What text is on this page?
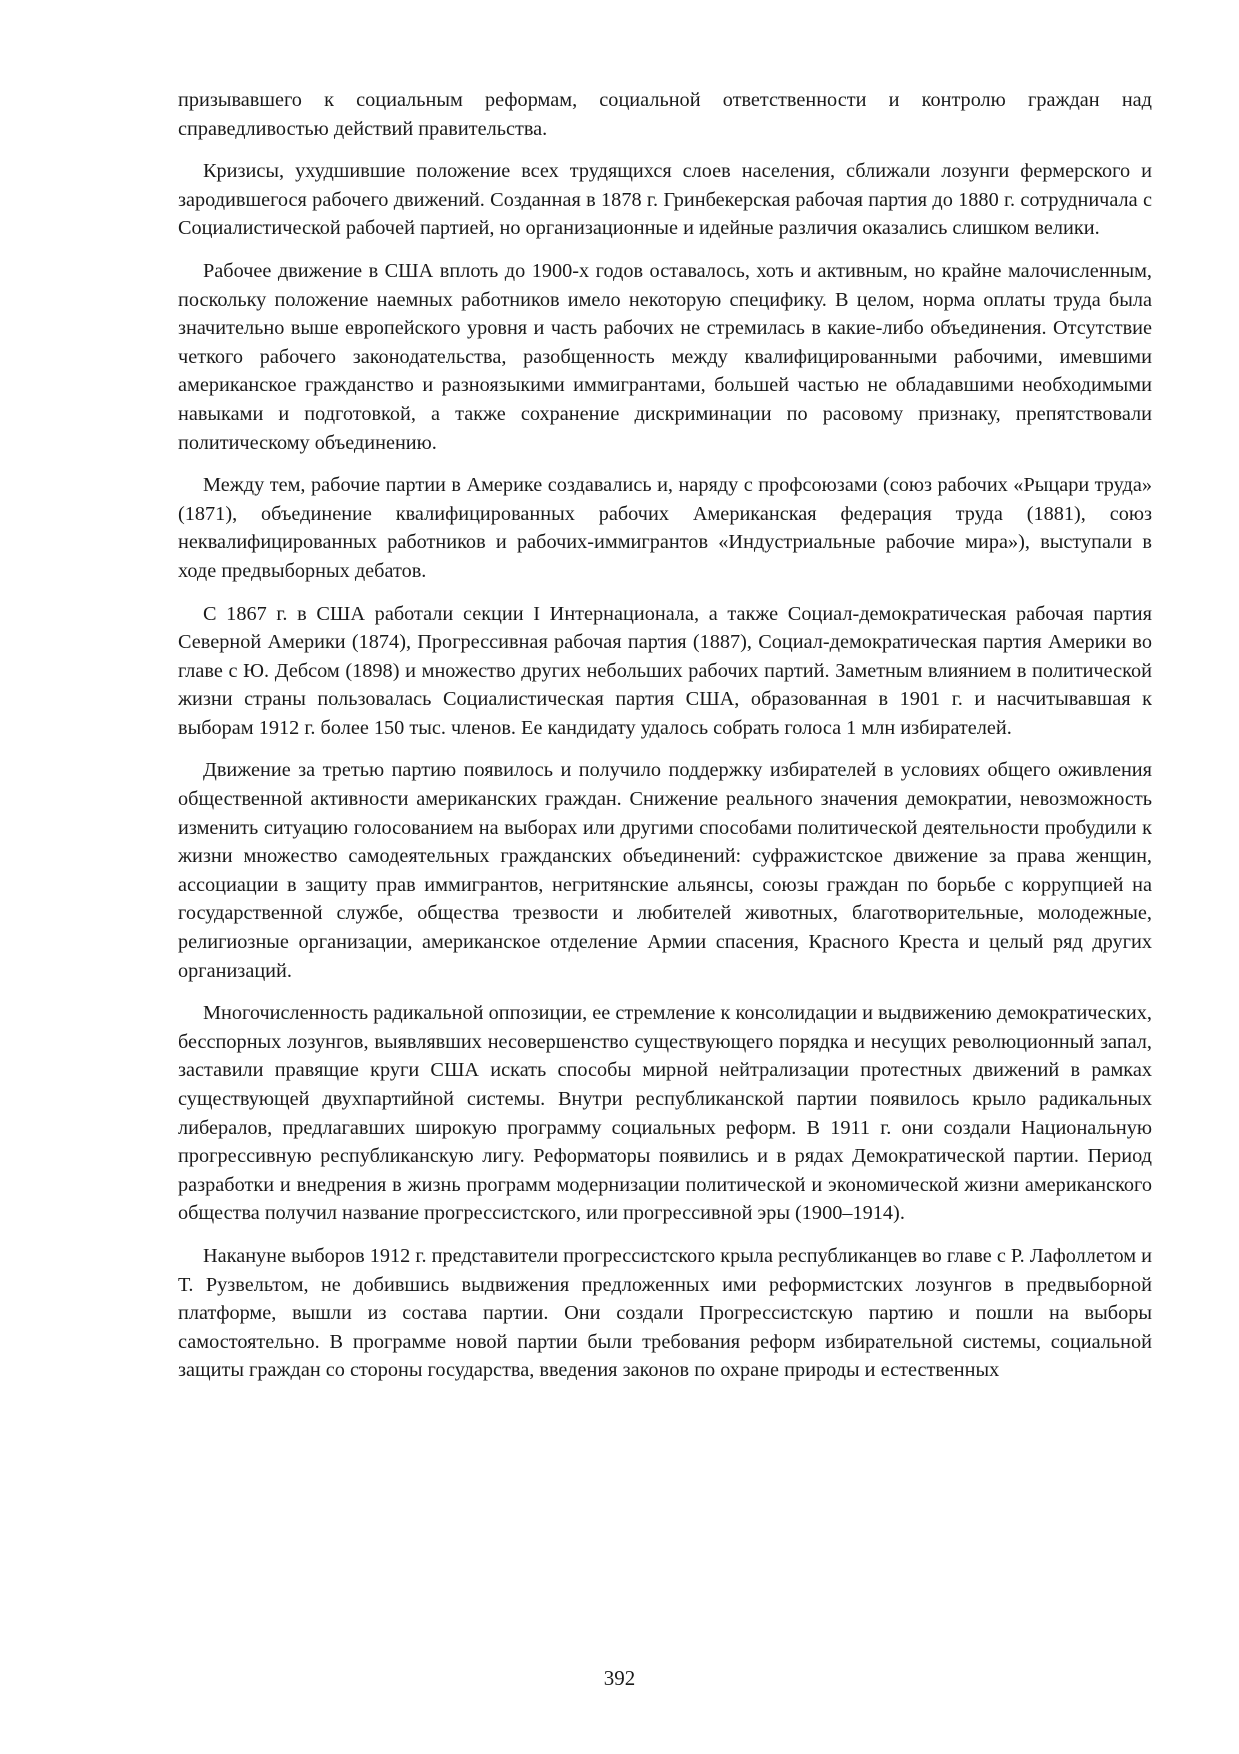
призывавшего к социальным реформам, социальной ответственности и контролю граждан над справедливостью действий правительства.

Кризисы, ухудшившие положение всех трудящихся слоев населения, сближали лозунги фермерского и зародившегося рабочего движений. Созданная в 1878 г. Гринбекерская рабочая партия до 1880 г. сотрудничала с Социалистической рабочей партией, но организационные и идейные различия оказались слишком велики.

Рабочее движение в США вплоть до 1900-х годов оставалось, хоть и активным, но крайне малочисленным, поскольку положение наемных работников имело некоторую специфику. В целом, норма оплаты труда была значительно выше европейского уровня и часть рабочих не стремилась в какие-либо объединения. Отсутствие четкого рабочего законодательства, разобщенность между квалифицированными рабочими, имевшими американское гражданство и разноязыкими иммигрантами, большей частью не обладавшими необходимыми навыками и подготовкой, а также сохранение дискриминации по расовому признаку, препятствовали политическому объединению.

Между тем, рабочие партии в Америке создавались и, наряду с профсоюзами (союз рабочих «Рыцари труда» (1871), объединение квалифицированных рабочих Американская федерация труда (1881), союз неквалифицированных работников и рабочих-иммигрантов «Индустриальные рабочие мира»), выступали в ходе предвыборных дебатов.

С 1867 г. в США работали секции I Интернационала, а также Социал-демократическая рабочая партия Северной Америки (1874), Прогрессивная рабочая партия (1887), Социал-демократическая партия Америки во главе с Ю. Дебсом (1898) и множество других небольших рабочих партий. Заметным влиянием в политической жизни страны пользовалась Социалистическая партия США, образованная в 1901 г. и насчитывавшая к выборам 1912 г. более 150 тыс. членов. Ее кандидату удалось собрать голоса 1 млн избирателей.

Движение за третью партию появилось и получило поддержку избирателей в условиях общего оживления общественной активности американских граждан. Снижение реального значения демократии, невозможность изменить ситуацию голосованием на выборах или другими способами политической деятельности пробудили к жизни множество самодеятельных гражданских объединений: суфражистское движение за права женщин, ассоциации в защиту прав иммигрантов, негритянские альянсы, союзы граждан по борьбе с коррупцией на государственной службе, общества трезвости и любителей животных, благотворительные, молодежные, религиозные организации, американское отделение Армии спасения, Красного Креста и целый ряд других организаций.

Многочисленность радикальной оппозиции, ее стремление к консолидации и выдвижению демократических, бесспорных лозунгов, выявлявших несовершенство существующего порядка и несущих революционный запал, заставили правящие круги США искать способы мирной нейтрализации протестных движений в рамках существующей двухпартийной системы. Внутри республиканской партии появилось крыло радикальных либералов, предлагавших широкую программу социальных реформ. В 1911 г. они создали Национальную прогрессивную республиканскую лигу. Реформаторы появились и в рядах Демократической партии. Период разработки и внедрения в жизнь программ модернизации политической и экономической жизни американского общества получил название прогрессистского, или прогрессивной эры (1900–1914).

Накануне выборов 1912 г. представители прогрессистского крыла республиканцев во главе с Р. Лафоллетом и Т. Рузвельтом, не добившись выдвижения предложенных ими реформистских лозунгов в предвыборной платформе, вышли из состава партии. Они создали Прогрессистскую партию и пошли на выборы самостоятельно. В программе новой партии были требования реформ избирательной системы, социальной защиты граждан со стороны государства, введения законов по охране природы и естественных

392
